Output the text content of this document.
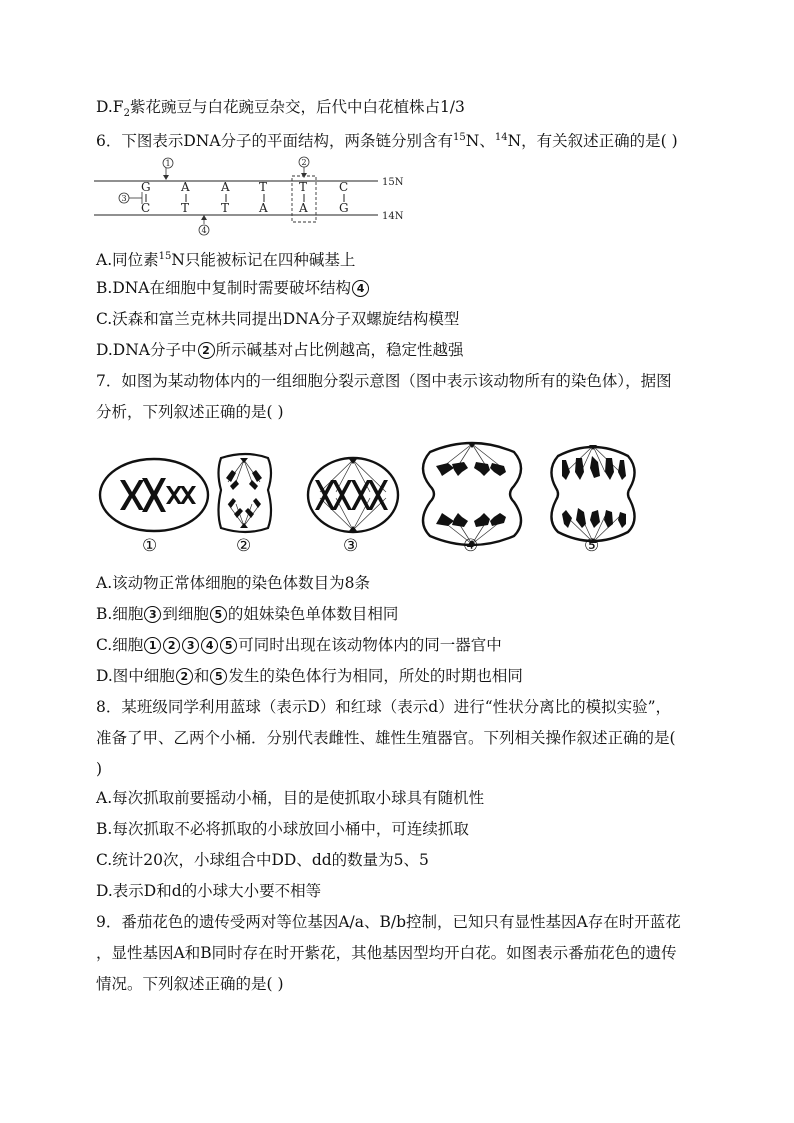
$D.F_2$紫花豌豆与白花豌豆杂交，后代中白花植株占1/3
6．下图表示DNA分子的平面结构，两条链分别含有$^{15}$N、$^{14}$N，有关叙述正确的是( )
15N
14N
G
C
A
T
A
T
T
A
T
A
C
G
1	2
3
4
A.同位素$^{15}$N只能被标记在四种碱基上
B.DNA在细胞中复制时需要破坏结构 4
C.沃森和富兰克林共同提出DNA分子双螺旋结构模型
D.DNA分子中 2 所示碱基对占比例越高，稳定性越强
7．如图为某动物体内的一组细胞分裂示意图（图中表示该动物所有的染色体），据图
分析，下列叙述正确的是( )
①	②	③	④	⑤
A.该动物正常体细胞的染色体数目为8条
B.细胞 3 到细胞 5 的姐妹染色单体数目相同
C.细胞 1 2 3 4 5 可同时出现在该动物体内的同一器官中
D.图中细胞 2 和 5 发生的染色体行为相同，所处的时期也相同
8．某班级同学利用蓝球（表示D）和红球（表示d）进行“性状分离比的模拟实验”，
准备了甲、乙两个小桶．分别代表雌性、雄性生殖器官。下列相关操作叙述正确的是(
)
A.每次抓取前要摇动小桶，目的是使抓取小球具有随机性
B.每次抓取不必将抓取的小球放回小桶中，可连续抓取
C.统计20次，小球组合中DD、dd的数量为5、5
D.表示D和d的小球大小要不相等
9．番茄花色的遗传受两对等位基因A/a、B/b控制，已知只有显性基因A存在时开蓝花
，显性基因A和B同时存在时开紫花，其他基因型均开白花。如图表示番茄花色的遗传
情况。下列叙述正确的是( )
